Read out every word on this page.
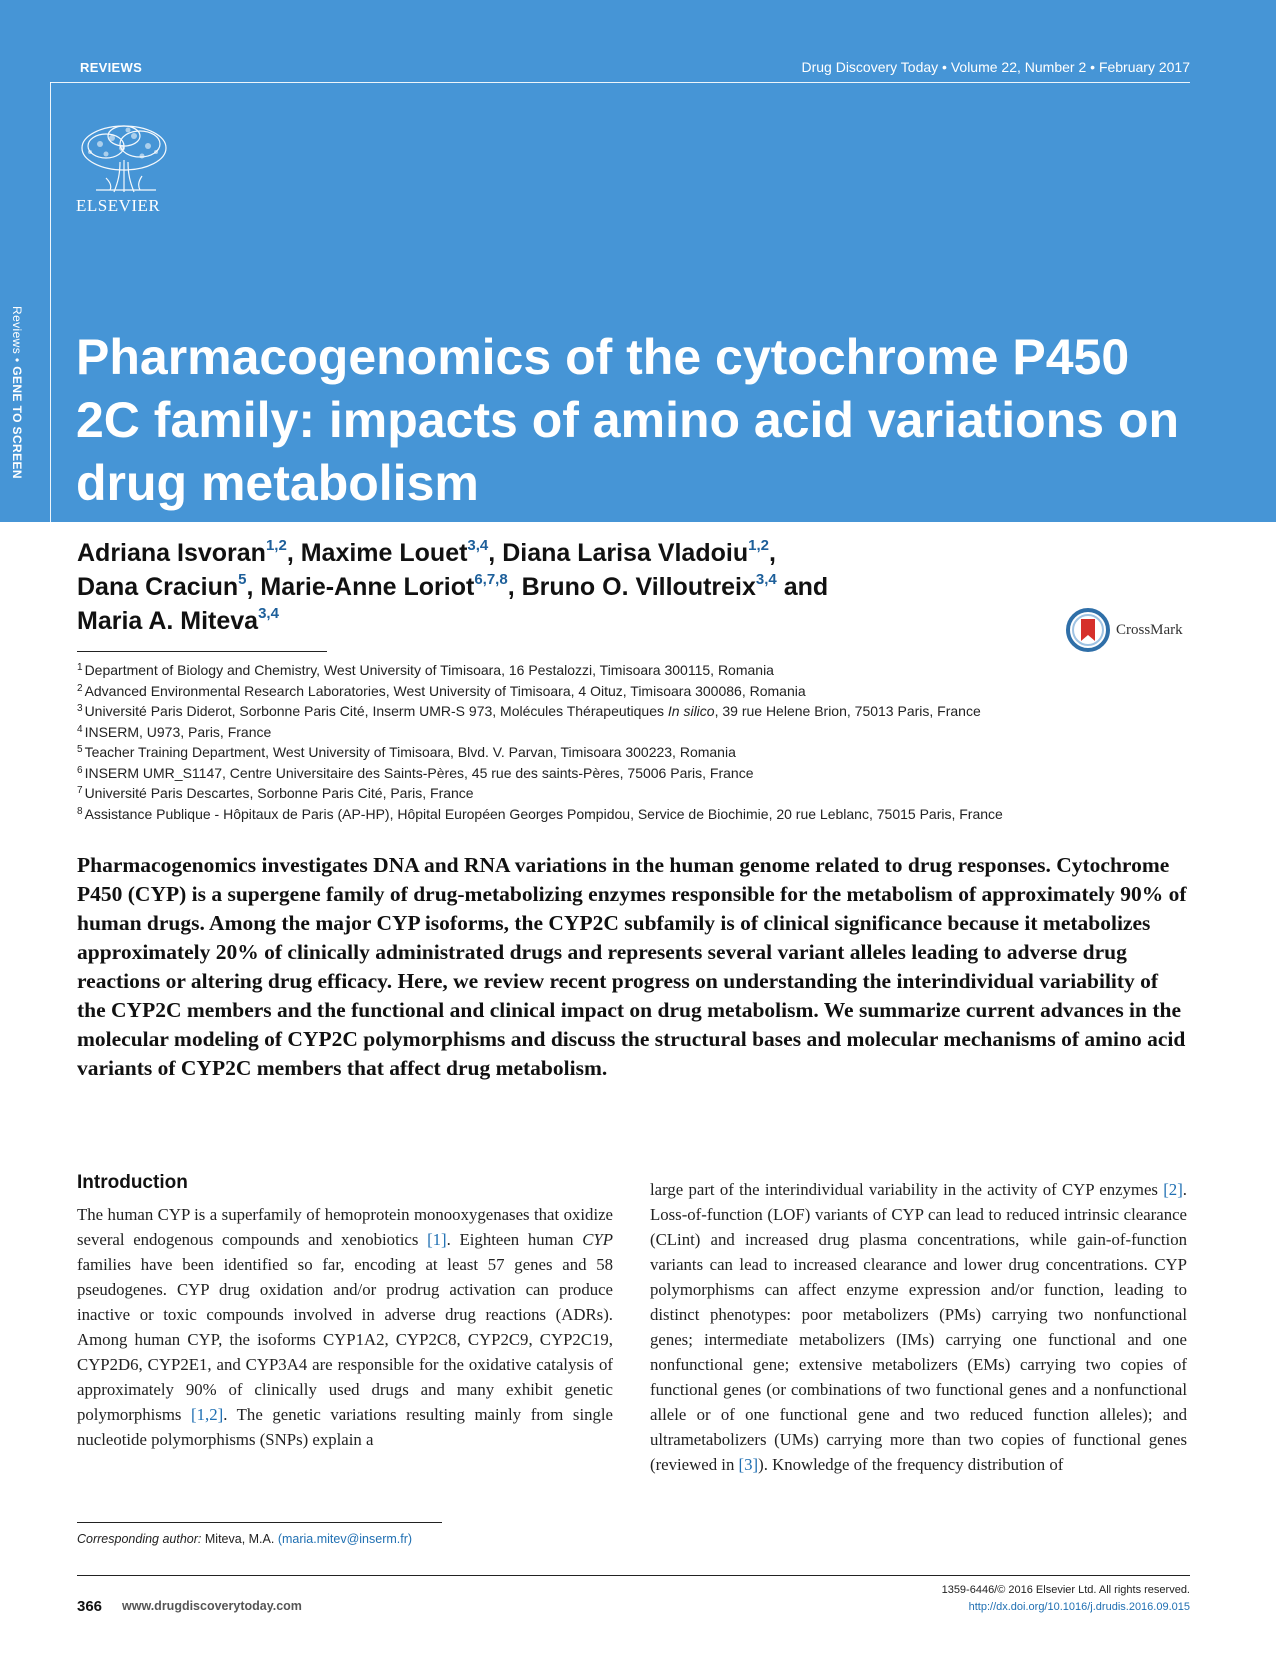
REVIEWS	Drug Discovery Today • Volume 22, Number 2 • February 2017
ELSEVIER
Reviews • GENE TO SCREEN
Pharmacogenomics of the cytochrome P450 2C family: impacts of amino acid variations on drug metabolism
Adriana Isvoran$^{1,2}$, Maxime Louet$^{3,4}$, Diana Larisa Vladoiu$^{1,2}$,
Dana Craciun$^5$, Marie-Anne Loriot$^{6,7,8}$, Bruno O. Villoutreix$^{3,4}$ and
Maria A. Miteva$^{3,4}$
CrossMark
$^1$ Department of Biology and Chemistry, West University of Timisoara, 16 Pestalozzi, Timisoara 300115, Romania
$^2$ Advanced Environmental Research Laboratories, West University of Timisoara, 4 Oituz, Timisoara 300086, Romania
$^3$ Université Paris Diderot, Sorbonne Paris Cité, Inserm UMR-S 973, Molécules Thérapeutiques In silico, 39 rue Helene Brion, 75013 Paris, France
$^4$ INSERM, U973, Paris, France
$^5$ Teacher Training Department, West University of Timisoara, Blvd. V. Parvan, Timisoara 300223, Romania
$^6$ INSERM UMR_S1147, Centre Universitaire des Saints-Pères, 45 rue des saints-Pères, 75006 Paris, France
$^7$ Université Paris Descartes, Sorbonne Paris Cité, Paris, France
$^8$ Assistance Publique - Hôpitaux de Paris (AP-HP), Hôpital Européen Georges Pompidou, Service de Biochimie, 20 rue Leblanc, 75015 Paris, France

Pharmacogenomics investigates DNA and RNA variations in the human genome related to drug responses. Cytochrome P450 (CYP) is a supergene family of drug-metabolizing enzymes responsible for the metabolism of approximately 90% of human drugs. Among the major CYP isoforms, the CYP2C subfamily is of clinical significance because it metabolizes approximately 20% of clinically administrated drugs and represents several variant alleles leading to adverse drug reactions or altering drug efficacy. Here, we review recent progress on understanding the interindividual variability of the CYP2C members and the functional and clinical impact on drug metabolism. We summarize current advances in the molecular modeling of CYP2C polymorphisms and discuss the structural bases and molecular mechanisms of amino acid variants of CYP2C members that affect drug metabolism.

Introduction

The human CYP is a superfamily of hemoprotein monooxygenases that oxidize several endogenous compounds and xenobiotics [1]. Eighteen human CYP families have been identified so far, encoding at least 57 genes and 58 pseudogenes. CYP drug oxidation and/or prodrug activation can produce inactive or toxic compounds involved in adverse drug reactions (ADRs). Among human CYP, the isoforms CYP1A2, CYP2C8, CYP2C9, CYP2C19, CYP2D6, CYP2E1, and CYP3A4 are responsible for the oxidative catalysis of approximately 90% of clinically used drugs and many exhibit genetic polymorphisms [1,2]. The genetic variations resulting mainly from single nucleotide polymorphisms (SNPs) explain a

large part of the interindividual variability in the activity of CYP enzymes [2]. Loss-of-function (LOF) variants of CYP can lead to reduced intrinsic clearance (CLint) and increased drug plasma concentrations, while gain-of-function variants can lead to increased clearance and lower drug concentrations. CYP polymorphisms can affect enzyme expression and/or function, leading to distinct phenotypes: poor metabolizers (PMs) carrying two nonfunctional genes; intermediate metabolizers (IMs) carrying one functional and one nonfunctional gene; extensive metabolizers (EMs) carrying two copies of functional genes (or combinations of two functional genes and a nonfunctional allele or of one functional gene and two reduced function alleles); and ultrametabolizers (UMs) carrying more than two copies of functional genes (reviewed in [3]). Knowledge of the frequency distribution of

Corresponding author: Miteva, M.A. (maria.mitev@inserm.fr)
366 www.drugdiscoverytoday.com
1359-6446/© 2016 Elsevier Ltd. All rights reserved.
http://dx.doi.org/10.1016/j.drudis.2016.09.015
